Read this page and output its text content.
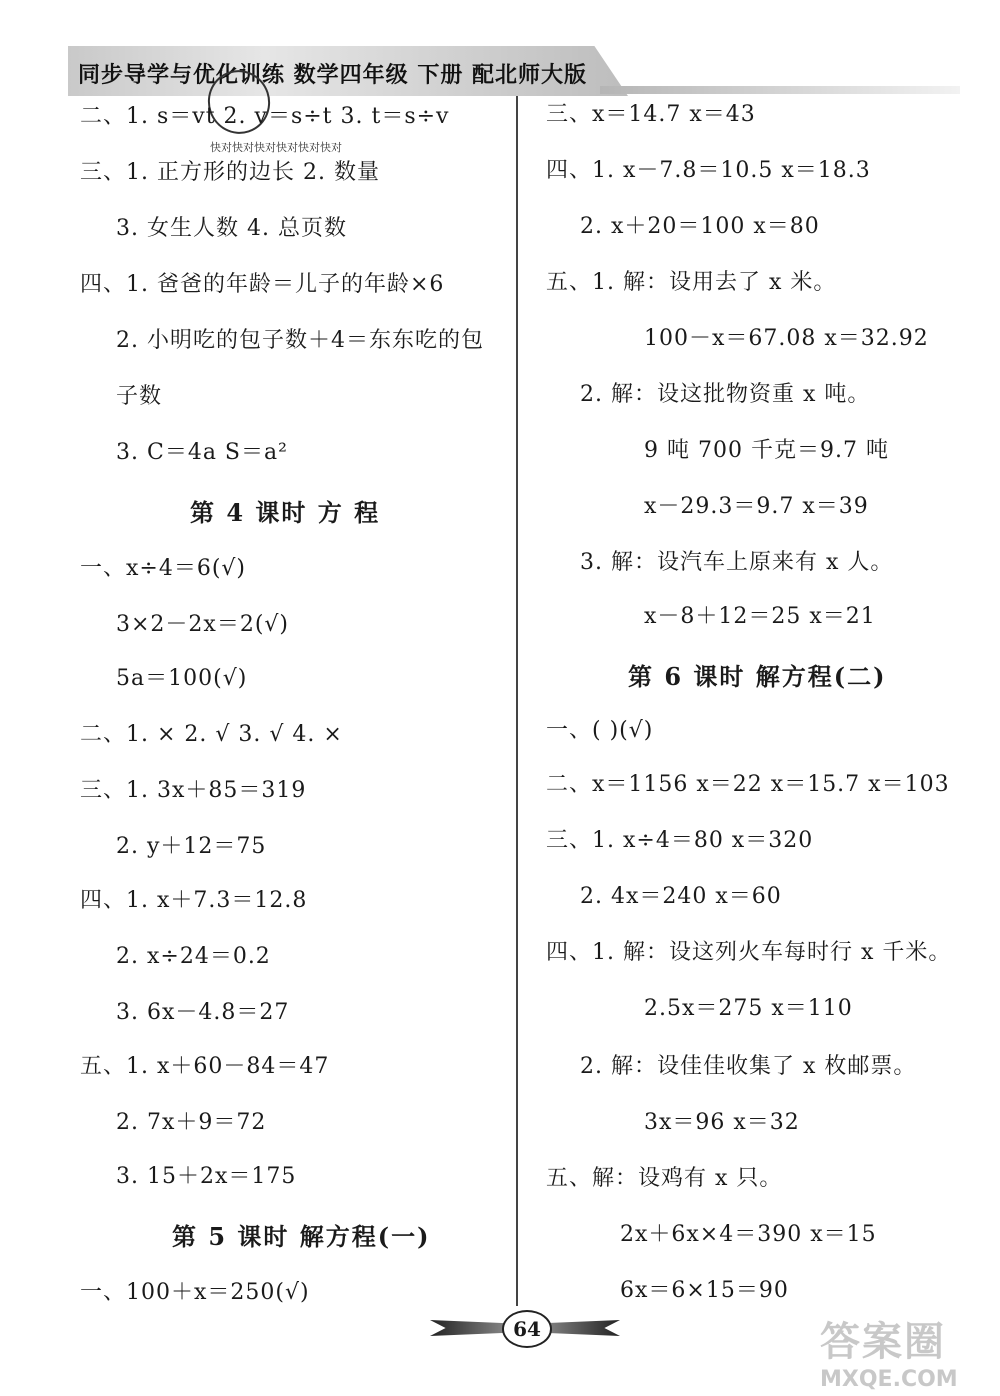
同步导学与优化训练 数学四年级 下册 配北师大版
快对快对快对快对快对快对
二、1. s＝vt 2. v＝s÷t 3. t＝s÷v
三、1. 正方形的边长 2. 数量
3. 女生人数 4. 总页数
四、1. 爸爸的年龄＝儿子的年龄×6
2. 小明吃的包子数＋4＝东东吃的包
子数
3. C＝4a S＝a²
第 4 课时 方 程
一、x÷4＝6(√)
3×2－2x＝2(√)
5a＝100(√)
二、1. × 2. √ 3. √ 4. ×
三、1. 3x＋85＝319
2. y＋12＝75
四、1. x＋7.3＝12.8
2. x÷24＝0.2
3. 6x－4.8＝27
五、1. x＋60－84＝47
2. 7x＋9＝72
3. 15＋2x＝175
第 5 课时 解方程(一)
一、100＋x＝250(√)
三、x＝14.7 x＝43
四、1. x－7.8＝10.5 x＝18.3
2. x＋20＝100 x＝80
五、1. 解：设用去了 x 米。
100－x＝67.08 x＝32.92
2. 解：设这批物资重 x 吨。
9 吨 700 千克＝9.7 吨
x－29.3＝9.7 x＝39
3. 解：设汽车上原来有 x 人。
x－8＋12＝25 x＝21
第 6 课时 解方程(二)
一、( )(√)
二、x＝1156 x＝22 x＝15.7 x＝103
三、1. x÷4＝80 x＝320
2. 4x＝240 x＝60
四、1. 解：设这列火车每时行 x 千米。
2.5x＝275 x＝110
2. 解：设佳佳收集了 x 枚邮票。
3x＝96 x＝32
五、解：设鸡有 x 只。
2x＋6x×4＝390 x＝15
6x＝6×15＝90
64	答案圈
MXQE.COM
